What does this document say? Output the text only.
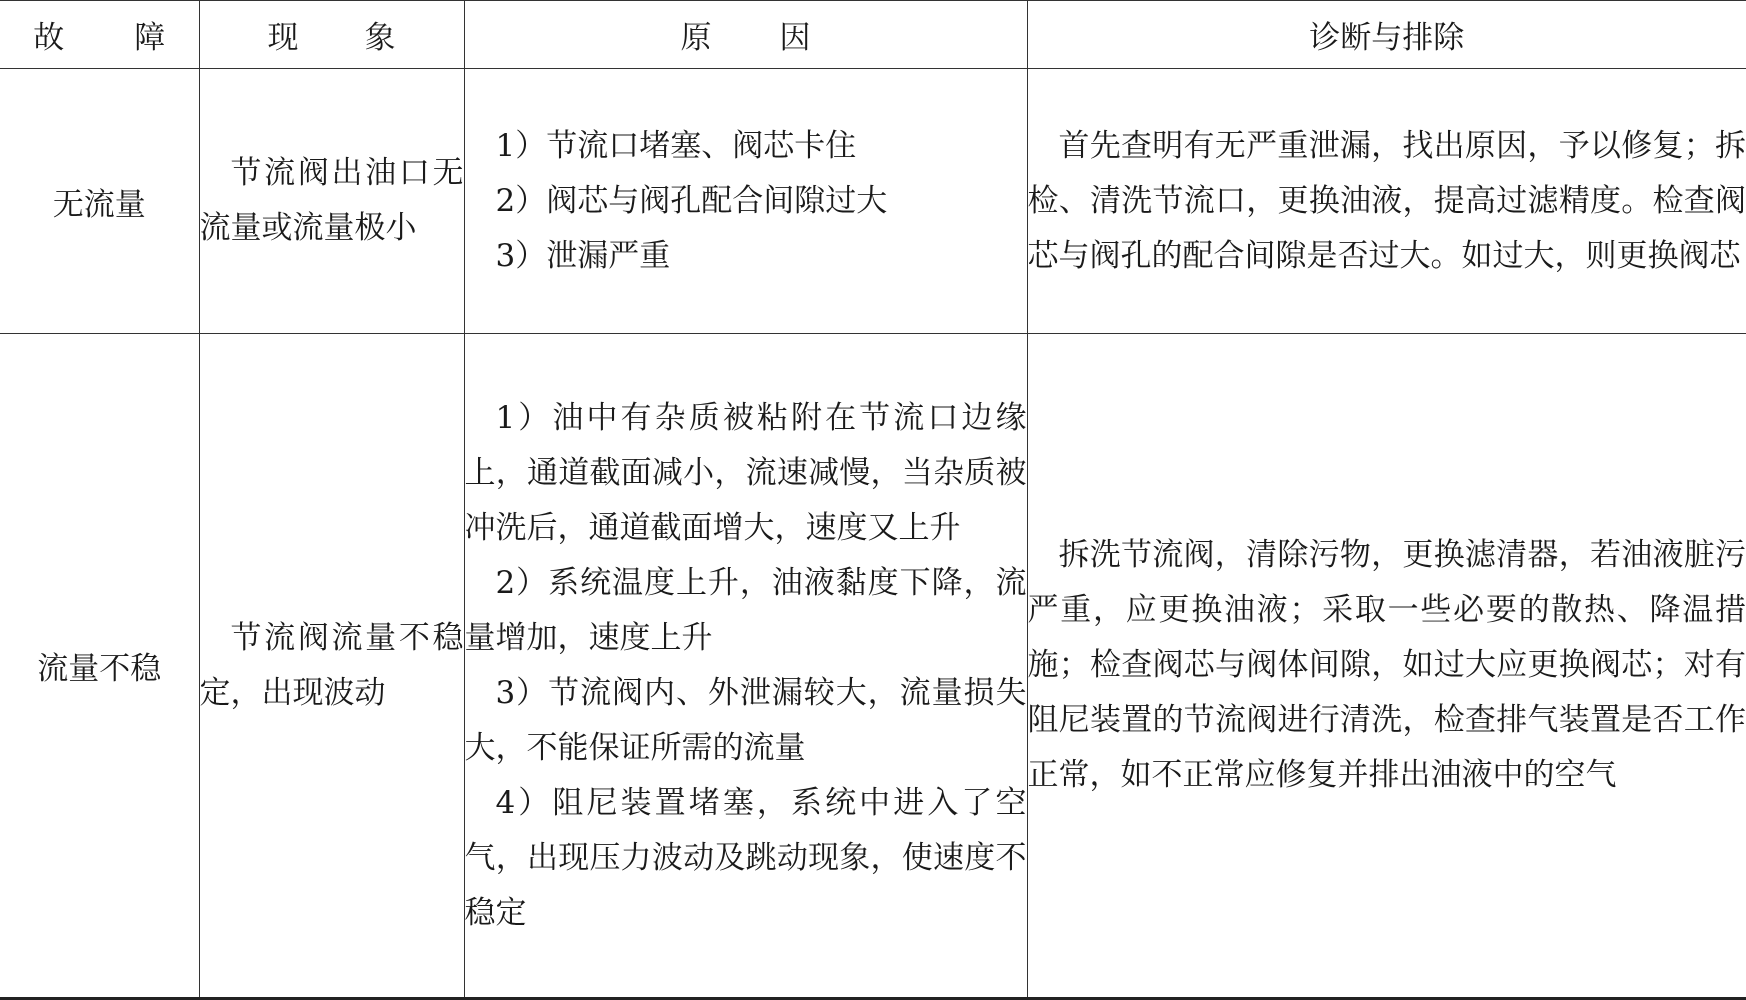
故　障	现　象	原　因	诊断与排除
无流量	节流阀出油口无流量或流量极小	1）节流口堵塞、阀芯卡住
2）阀芯与阀孔配合间隙过大
3）泄漏严重	首先查明有无严重泄漏，找出原因，予以修复；拆检、清洗节流口，更换油液，提高过滤精度。检查阀芯与阀孔的配合间隙是否过大。如过大，则更换阀芯

流量不稳	节流阀流量不稳定，出现波动	1）油中有杂质被粘附在节流口边缘上，通道截面减小，流速减慢，当杂质被冲洗后，通道截面增大，速度又上升
2）系统温度上升，油液黏度下降，流量增加，速度上升
3）节流阀内、外泄漏较大，流量损失大，不能保证所需的流量
4）阻尼装置堵塞，系统中进入了空气，出现压力波动及跳动现象，使速度不稳定	拆洗节流阀，清除污物，更换滤清器，若油液脏污严重，应更换油液；采取一些必要的散热、降温措施；检查阀芯与阀体间隙，如过大应更换阀芯；对有阻尼装置的节流阀进行清洗，检查排气装置是否工作正常，如不正常应修复并排出油液中的空气
